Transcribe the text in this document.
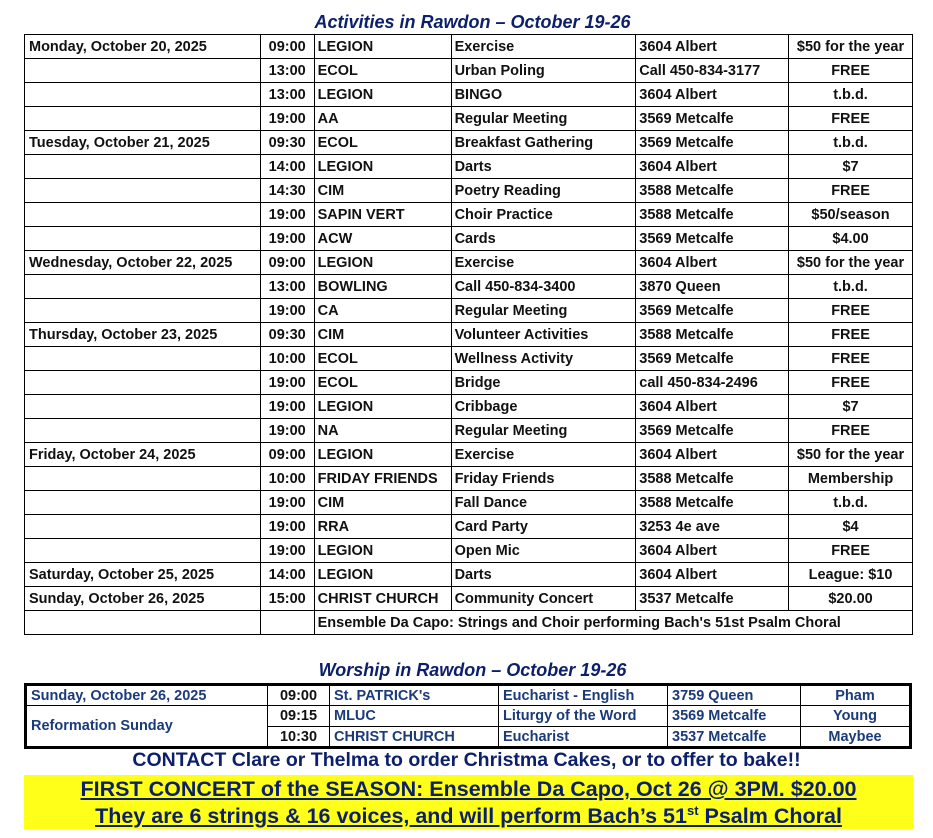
Activities in Rawdon – October 19-26
Monday, October 20, 2025	09:00	LEGION	Exercise	3604 Albert	$50 for the year
	13:00	ECOL	Urban Poling	Call 450-834-3177	FREE
	13:00	LEGION	BINGO	3604 Albert	t.b.d.
	19:00	AA	Regular Meeting	3569 Metcalfe	FREE
Tuesday, October 21, 2025	09:30	ECOL	Breakfast Gathering	3569 Metcalfe	t.b.d.
	14:00	LEGION	Darts	3604 Albert	$7
	14:30	CIM	Poetry Reading	3588 Metcalfe	FREE
	19:00	SAPIN VERT	Choir Practice	3588 Metcalfe	$50/season
	19:00	ACW	Cards	3569 Metcalfe	$4.00
Wednesday, October 22, 2025	09:00	LEGION	Exercise	3604 Albert	$50 for the year
	13:00	BOWLING	Call 450-834-3400	3870 Queen	t.b.d.
	19:00	CA	Regular Meeting	3569 Metcalfe	FREE
Thursday, October 23, 2025	09:30	CIM	Volunteer Activities	3588 Metcalfe	FREE
	10:00	ECOL	Wellness Activity	3569 Metcalfe	FREE
	19:00	ECOL	Bridge	call 450-834-2496	FREE
	19:00	LEGION	Cribbage	3604 Albert	$7
	19:00	NA	Regular Meeting	3569 Metcalfe	FREE
Friday, October 24, 2025	09:00	LEGION	Exercise	3604 Albert	$50 for the year
	10:00	FRIDAY FRIENDS	Friday Friends	3588 Metcalfe	Membership
	19:00	CIM	Fall Dance	3588 Metcalfe	t.b.d.
	19:00	RRA	Card Party	3253 4e ave	$4
	19:00	LEGION	Open Mic	3604 Albert	FREE
Saturday, October 25, 2025	14:00	LEGION	Darts	3604 Albert	League: $10
Sunday, October 26, 2025	15:00	CHRIST CHURCH	Community Concert	3537 Metcalfe	$20.00
		Ensemble Da Capo: Strings and Choir performing Bach's 51st Psalm Choral			
Worship in Rawdon – October 19-26
Sunday, October 26, 2025	09:00	St. PATRICK's	Eucharist - English	3759 Queen	Pham
Reformation Sunday	09:15	MLUC	Liturgy of the Word	3569 Metcalfe	Young
	10:30	CHRIST CHURCH	Eucharist	3537 Metcalfe	Maybee
CONTACT Clare or Thelma to order Christma Cakes, or to offer to bake!!
FIRST CONCERT of the SEASON: Ensemble Da Capo, Oct 26 @ 3PM. $20.00
They are 6 strings & 16 voices, and will perform Bach’s 51st Psalm Choral
